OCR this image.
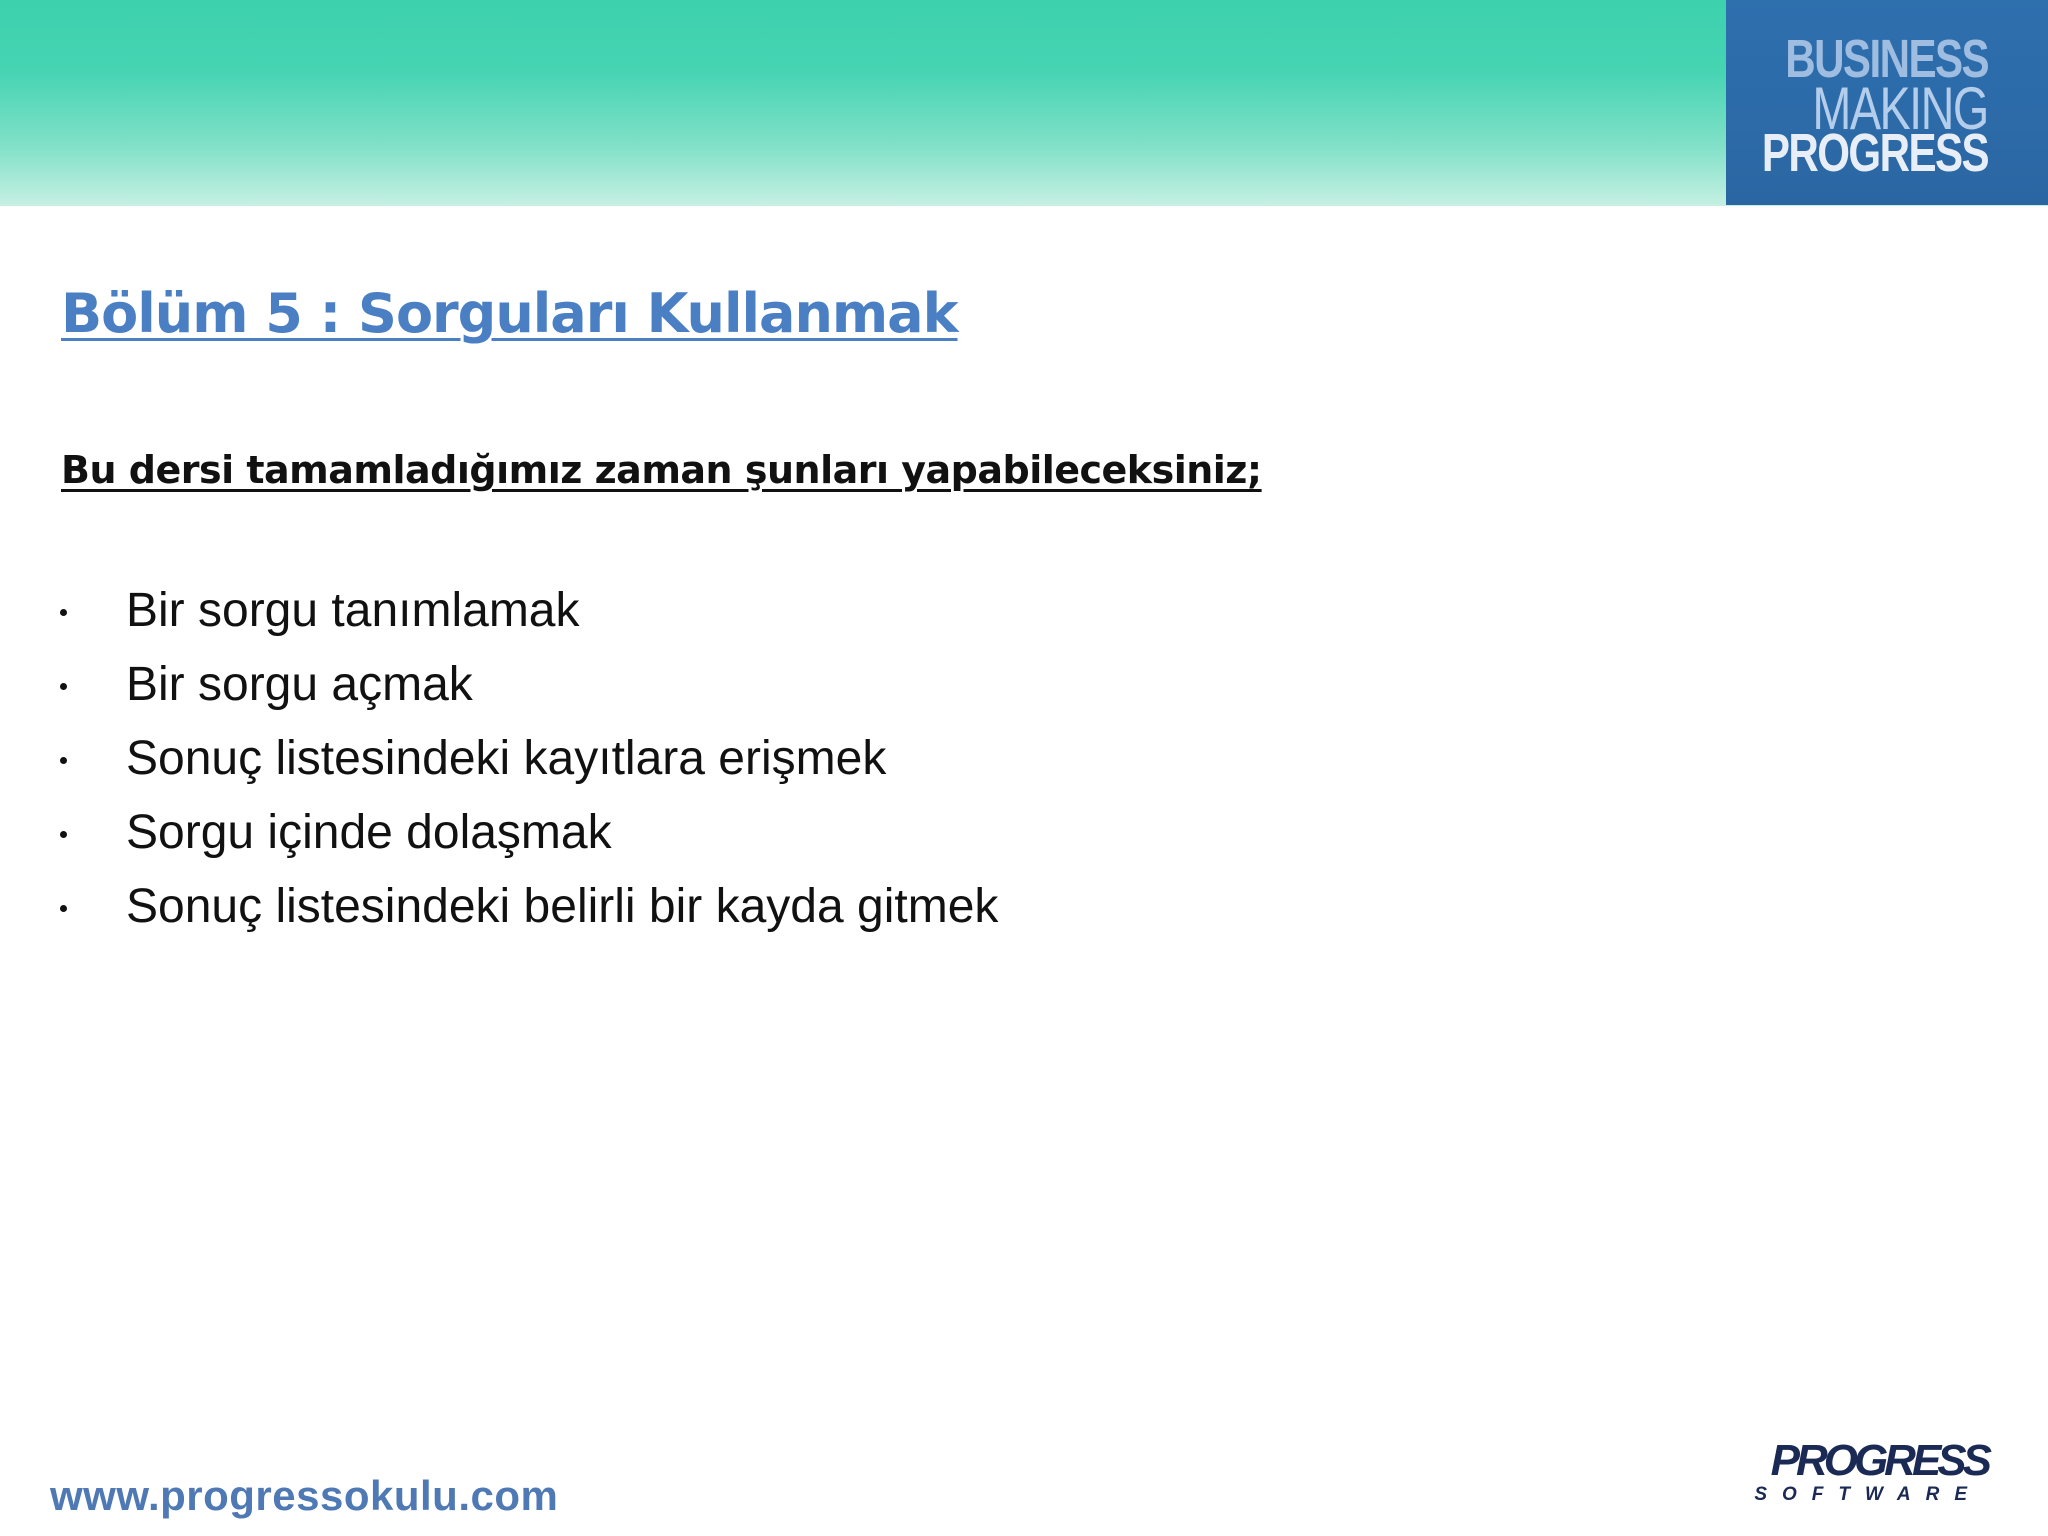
BUSINESS
MAKING
PROGRESS
Bölüm 5 : Sorguları Kullanmak
Bu dersi tamamladığımız zaman şunları yapabileceksiniz;
Bir sorgu tanımlamak
Bir sorgu açmak
Sonuç listesindeki kayıtlara erişmek
Sorgu içinde dolaşmak
Sonuç listesindeki belirli bir kayda gitmek
www.progressokulu.com
PROGRESS
SOFTWARE
